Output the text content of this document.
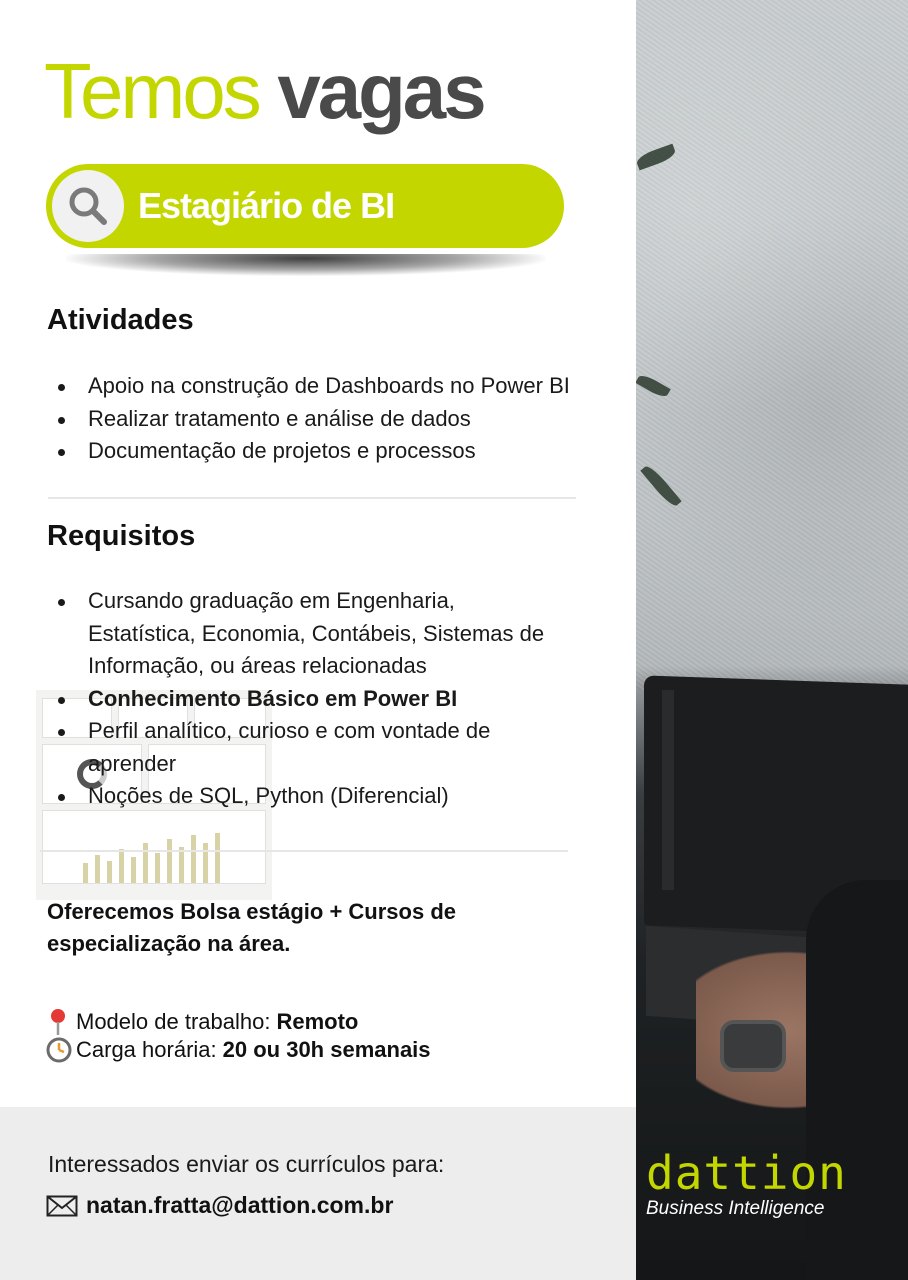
dattion
Business Intelligence
Temos vagas
Estagiário de BI
Atividades
Apoio na construção de Dashboards no Power BI
Realizar tratamento e análise de dados
Documentação de projetos e processos
Requisitos
Cursando graduação em Engenharia, Estatística, Economia, Contábeis, Sistemas de Informação, ou áreas relacionadas
Conhecimento Básico em Power BI
Perfil analítico, curioso e com vontade de aprender
Noções de SQL, Python (Diferencial)
Oferecemos Bolsa estágio + Cursos de especialização na área.
Modelo de trabalho: Remoto
Carga horária: 20 ou 30h semanais
Interessados enviar os currículos para:
natan.fratta@dattion.com.br
